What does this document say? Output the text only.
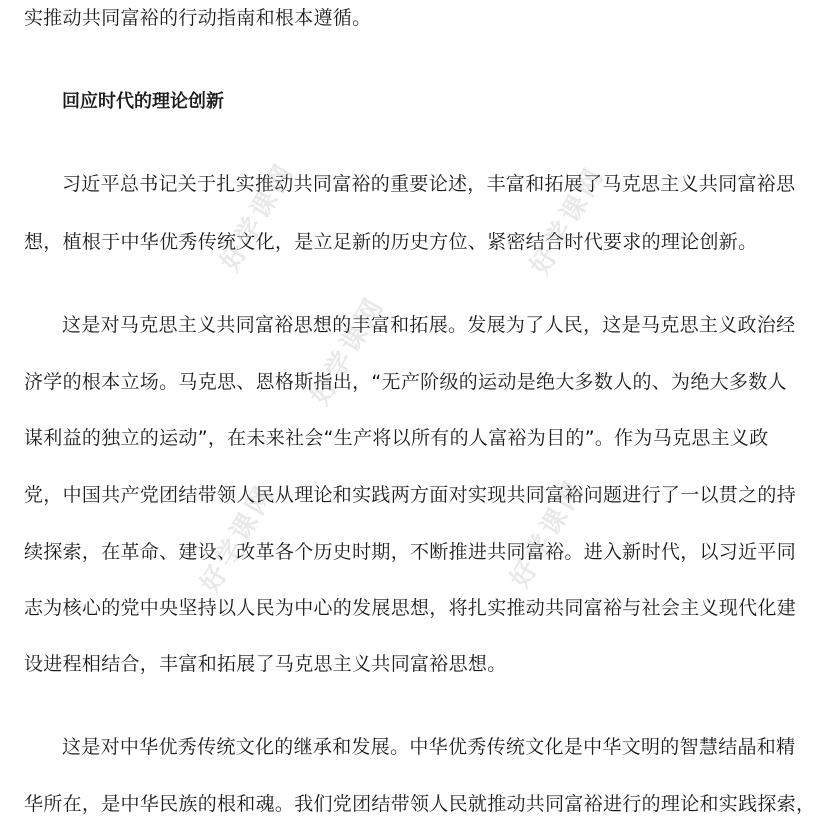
实推动共同富裕的行动指南和根本遵循。
回应时代的理论创新
习近平总书记关于扎实推动共同富裕的重要论述，丰富和拓展了马克思主义共同富裕思
想，植根于中华优秀传统文化，是立足新的历史方位、紧密结合时代要求的理论创新。
这是对马克思主义共同富裕思想的丰富和拓展。发展为了人民，这是马克思主义政治经
济学的根本立场。马克思、恩格斯指出，“无产阶级的运动是绝大多数人的、为绝大多数人
谋利益的独立的运动”，在未来社会“生产将以所有的人富裕为目的”。作为马克思主义政
党，中国共产党团结带领人民从理论和实践两方面对实现共同富裕问题进行了一以贯之的持
续探索，在革命、建设、改革各个历史时期，不断推进共同富裕。进入新时代，以习近平同
志为核心的党中央坚持以人民为中心的发展思想，将扎实推动共同富裕与社会主义现代化建
设进程相结合，丰富和拓展了马克思主义共同富裕思想。
这是对中华优秀传统文化的继承和发展。中华优秀传统文化是中华文明的智慧结晶和精
华所在，是中华民族的根和魂。我们党团结带领人民就推动共同富裕进行的理论和实践探索，
好学课网	好学课网
好学课网
好学课网	好学课网
